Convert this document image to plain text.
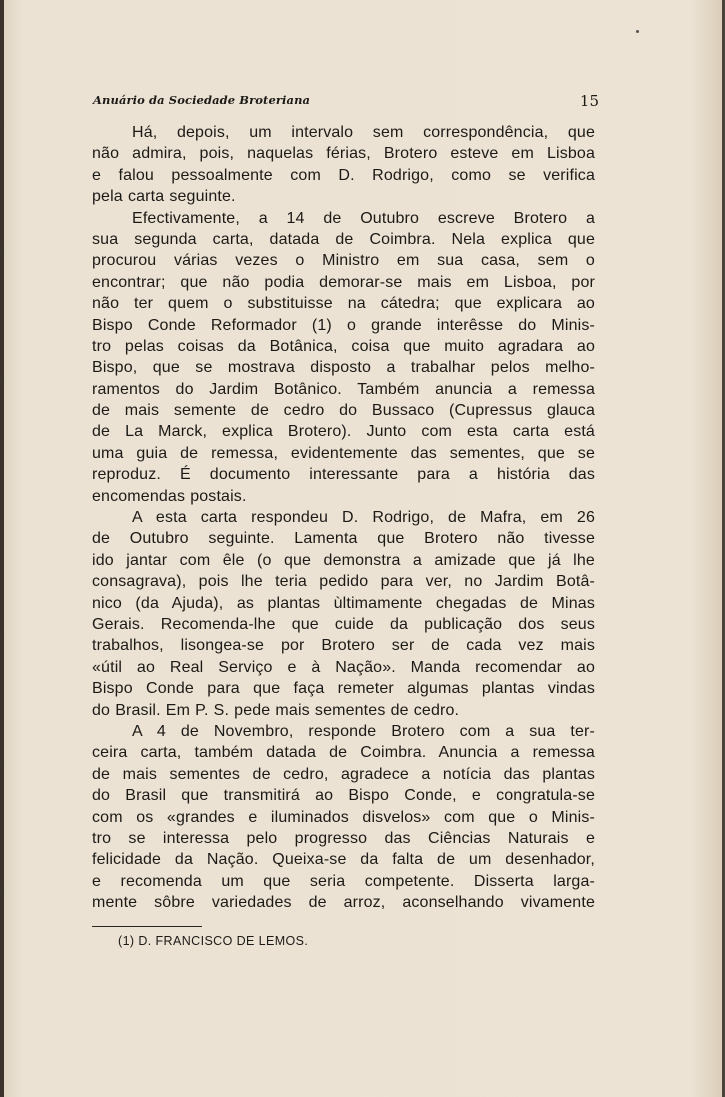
Anuário da Sociedade Broteriana	15
Há, depois, um intervalo sem correspondência, que
não admira, pois, naquelas férias, Brotero esteve em Lisboa
e falou pessoalmente com D. Rodrigo, como se verifica
pela carta seguinte.
Efectivamente, a 14 de Outubro escreve Brotero a
sua segunda carta, datada de Coimbra. Nela explica que
procurou várias vezes o Ministro em sua casa, sem o
encontrar; que não podia demorar-se mais em Lisboa, por
não ter quem o substituisse na cátedra; que explicara ao
Bispo Conde Reformador (1) o grande interêsse do Minis-
tro pelas coisas da Botânica, coisa que muito agradara ao
Bispo, que se mostrava disposto a trabalhar pelos melho-
ramentos do Jardim Botânico. Também anuncia a remessa
de mais semente de cedro do Bussaco (Cupressus glauca
de La Marck, explica Brotero). Junto com esta carta está
uma guia de remessa, evidentemente das sementes, que se
reproduz. É documento interessante para a história das
encomendas postais.
A esta carta respondeu D. Rodrigo, de Mafra, em 26
de Outubro seguinte. Lamenta que Brotero não tivesse
ido jantar com êle (o que demonstra a amizade que já lhe
consagrava), pois lhe teria pedido para ver, no Jardim Botâ-
nico (da Ajuda), as plantas ùltimamente chegadas de Minas
Gerais. Recomenda-lhe que cuide da publicação dos seus
trabalhos, lisongea-se por Brotero ser de cada vez mais
«útil ao Real Serviço e à Nação». Manda recomendar ao
Bispo Conde para que faça remeter algumas plantas vindas
do Brasil. Em P. S. pede mais sementes de cedro.
A 4 de Novembro, responde Brotero com a sua ter-
ceira carta, também datada de Coimbra. Anuncia a remessa
de mais sementes de cedro, agradece a notícia das plantas
do Brasil que transmitirá ao Bispo Conde, e congratula-se
com os «grandes e iluminados disvelos» com que o Minis-
tro se interessa pelo progresso das Ciências Naturais e
felicidade da Nação. Queixa-se da falta de um desenhador,
e recomenda um que seria competente. Disserta larga-
mente sôbre variedades de arroz, aconselhando vivamente
(1) D. FRANCISCO DE LEMOS.
